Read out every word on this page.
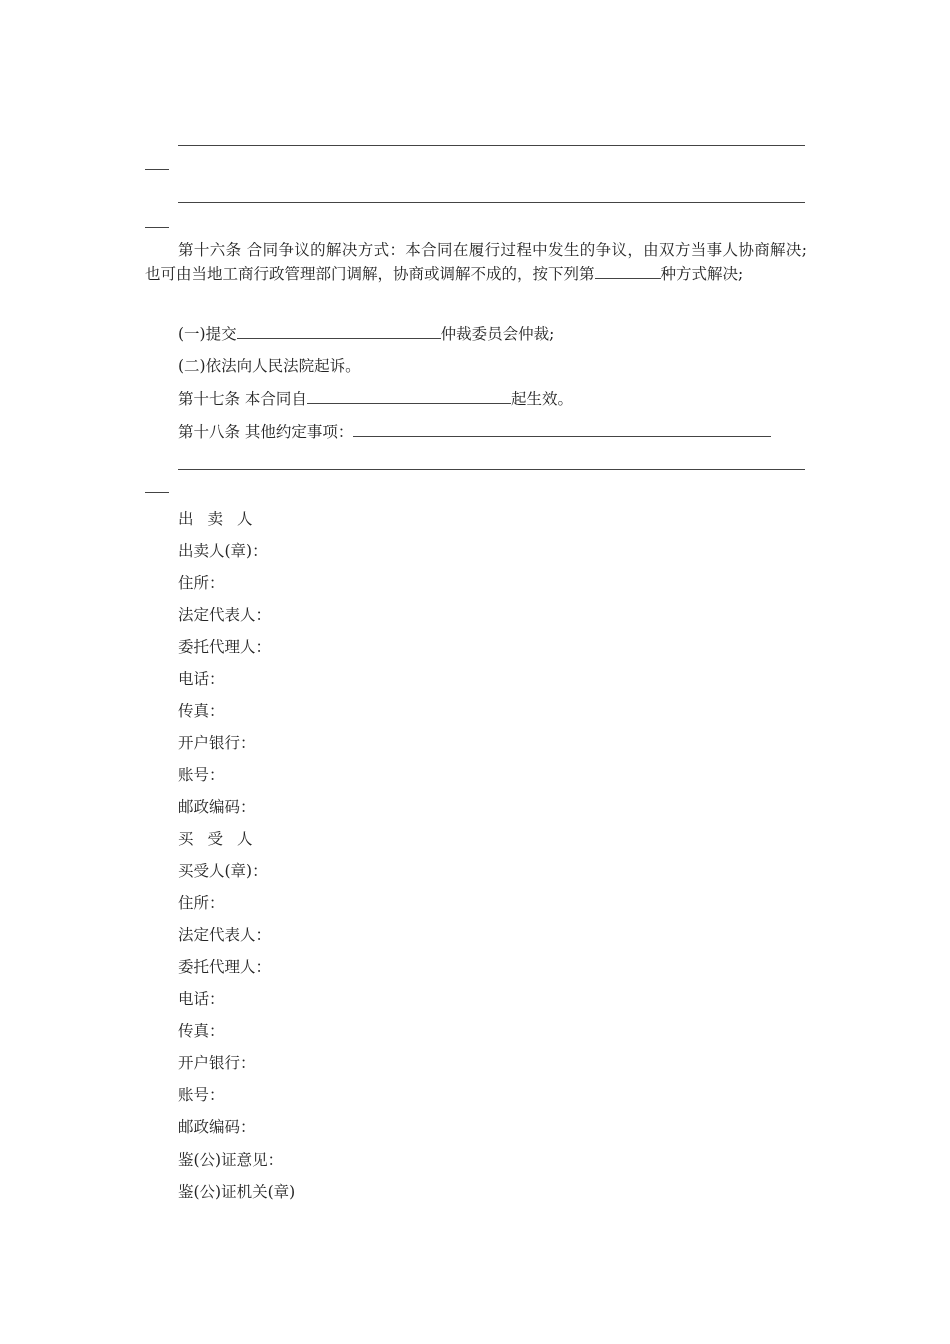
第十六条 合同争议的解决方式：本合同在履行过程中发生的争议，由双方当事人协商解决;也可由当地工商行政管理部门调解，协商或调解不成的，按下列第	种方式解决;

(一)提交	仲裁委员会仲裁;

(二)依法向人民法院起诉。

第十七条 本合同自	起生效。

第十八条 其他约定事项：

出卖人

出卖人(章)：

住所：

法定代表人：

委托代理人：

电话：

传真：

开户银行：

账号：

邮政编码：

买受人

买受人(章)：

住所：

法定代表人：

委托代理人：

电话：

传真：

开户银行：

账号：

邮政编码：

鉴(公)证意见：

鉴(公)证机关(章)
